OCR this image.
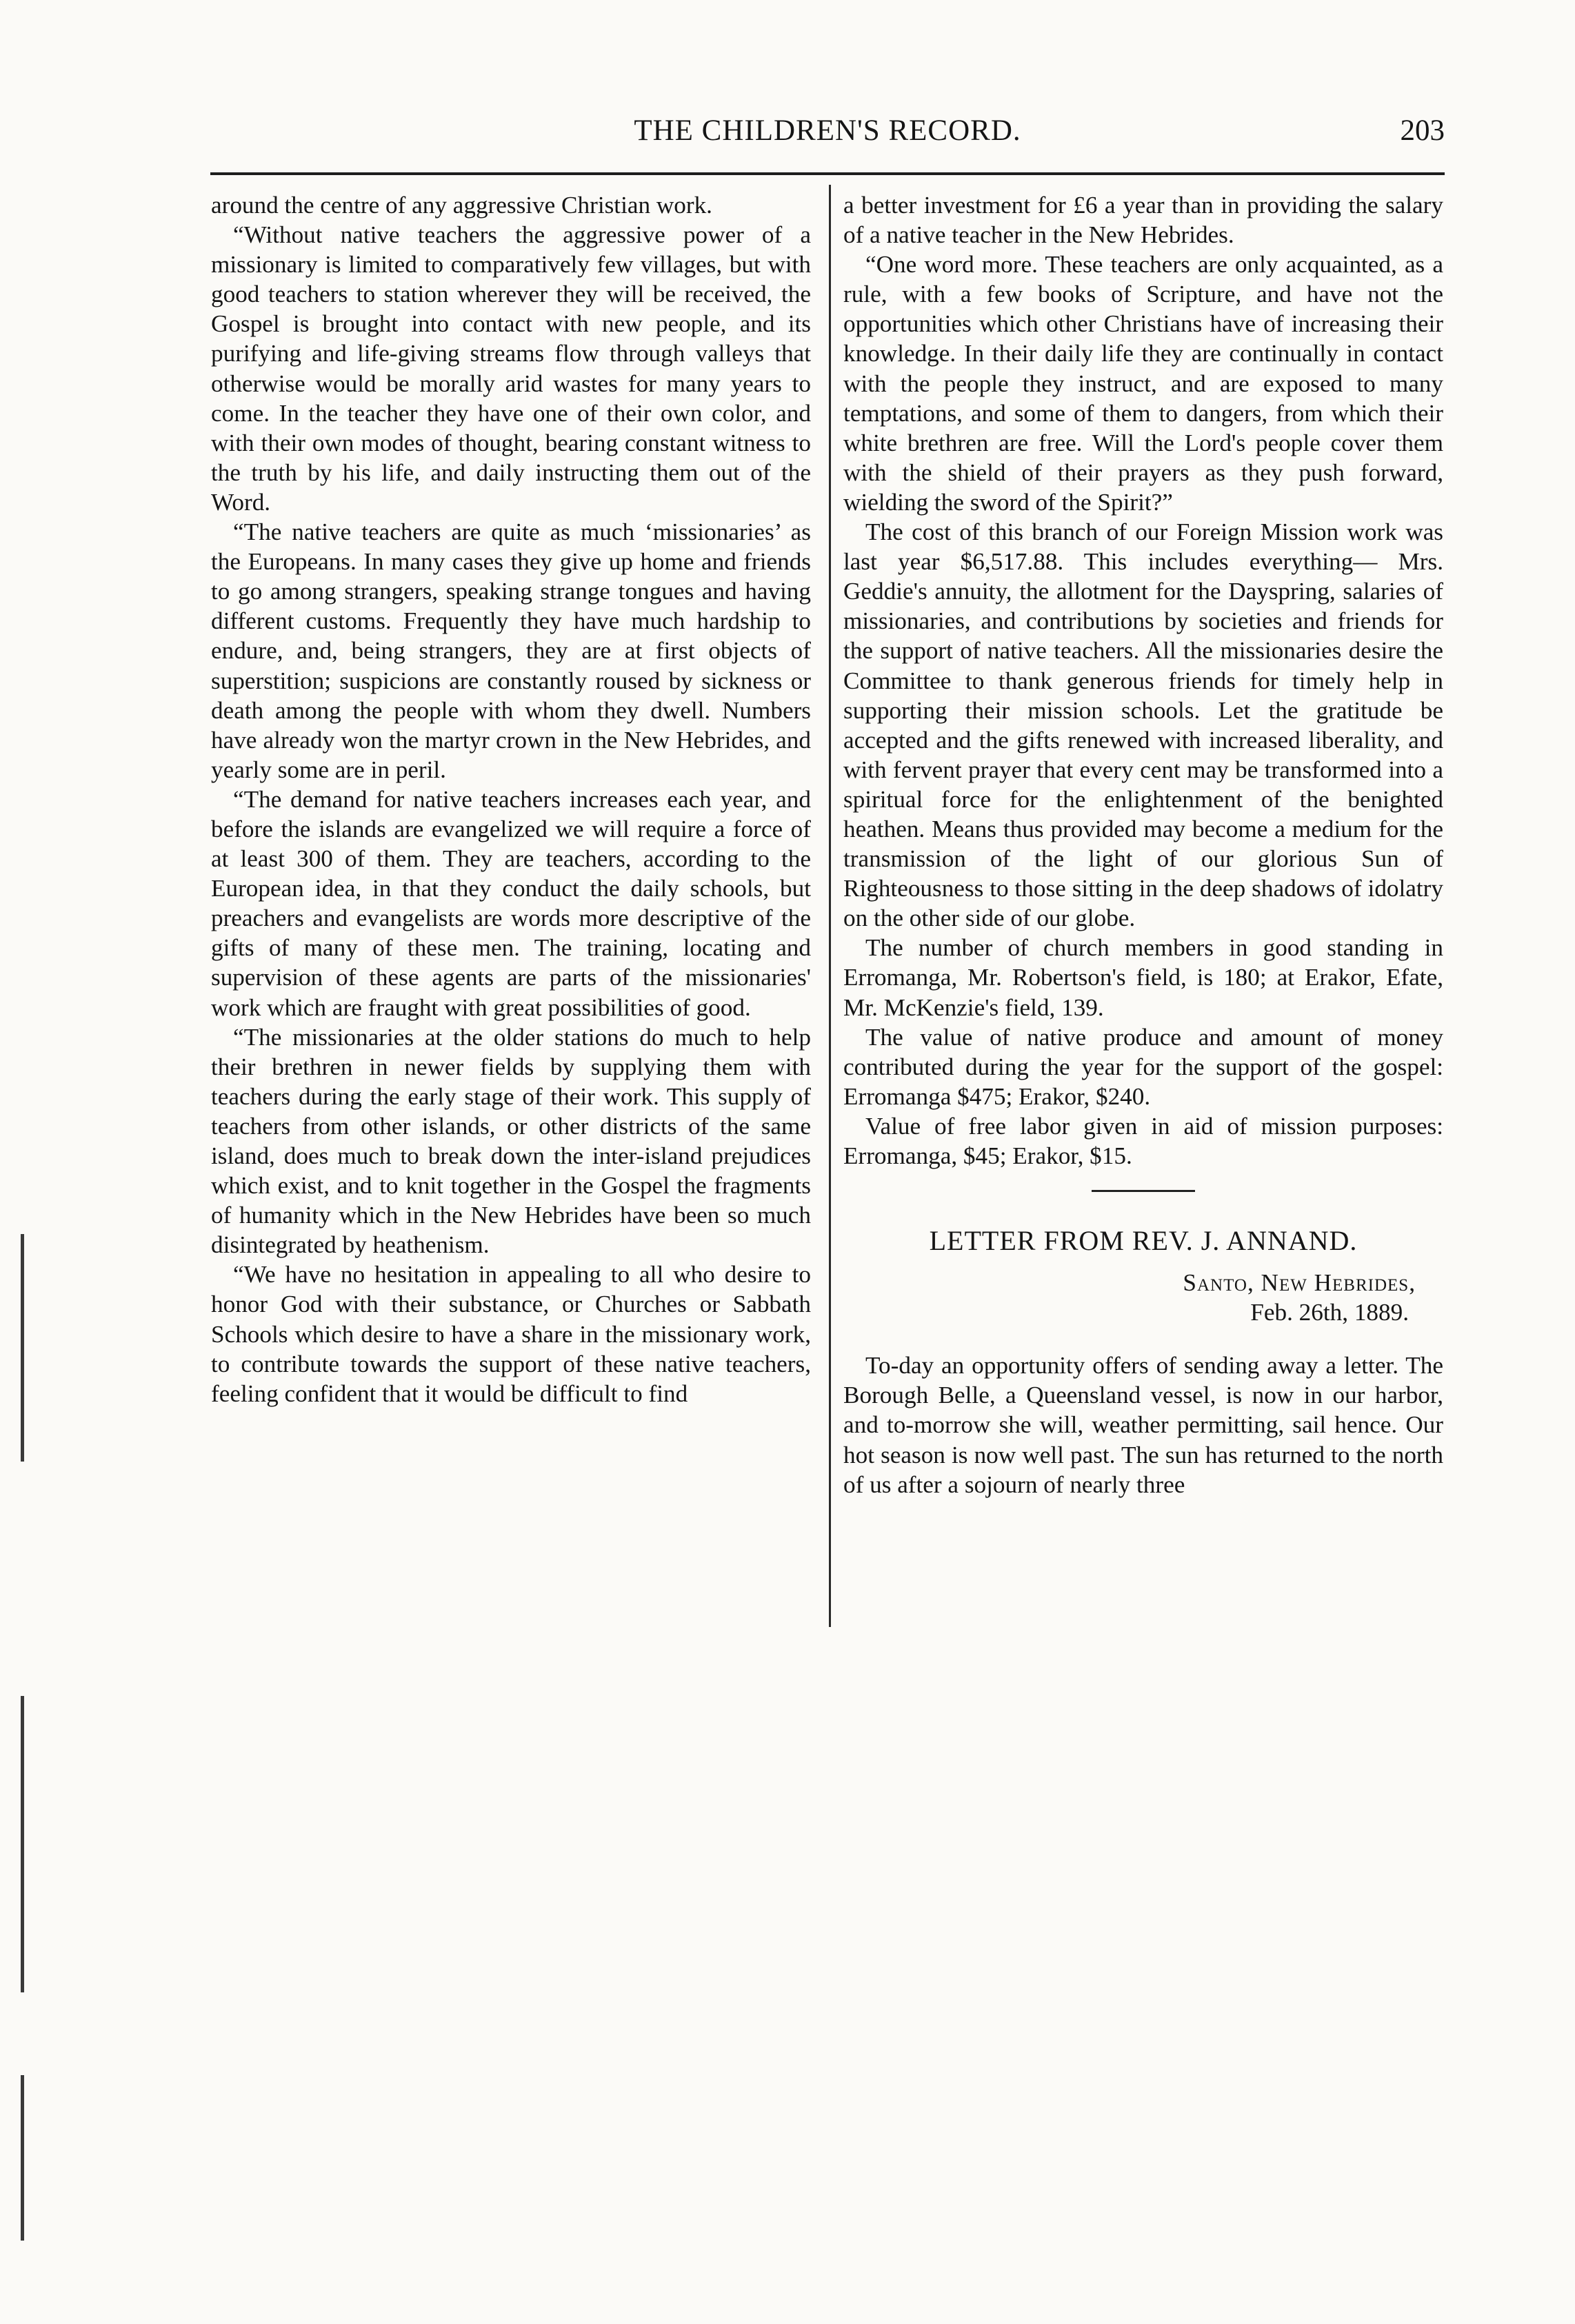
THE CHILDREN'S RECORD.	203

around the centre of any aggressive Christian work.

“Without native teachers the aggressive power of a missionary is limited to comparatively few villages, but with good teachers to station wherever they will be received, the Gospel is brought into contact with new people, and its purifying and life-giving streams flow through valleys that otherwise would be morally arid wastes for many years to come. In the teacher they have one of their own color, and with their own modes of thought, bearing constant witness to the truth by his life, and daily instructing them out of the Word.

“The native teachers are quite as much ‘missionaries’ as the Europeans. In many cases they give up home and friends to go among strangers, speaking strange tongues and having different customs. Frequently they have much hardship to endure, and, being strangers, they are at first objects of superstition; suspicions are constantly roused by sickness or death among the people with whom they dwell. Numbers have already won the martyr crown in the New Hebrides, and yearly some are in peril.

“The demand for native teachers increases each year, and before the islands are evangelized we will require a force of at least 300 of them. They are teachers, according to the European idea, in that they conduct the daily schools, but preachers and evangelists are words more descriptive of the gifts of many of these men. The training, locating and supervision of these agents are parts of the missionaries' work which are fraught with great possibilities of good.

“The missionaries at the older stations do much to help their brethren in newer fields by supplying them with teachers during the early stage of their work. This supply of teachers from other islands, or other districts of the same island, does much to break down the inter-island prejudices which exist, and to knit together in the Gospel the fragments of humanity which in the New Hebrides have been so much disintegrated by heathenism.

“We have no hesitation in appealing to all who desire to honor God with their substance, or Churches or Sabbath Schools which desire to have a share in the missionary work, to contribute towards the support of these native teachers, feeling confident that it would be difficult to find

a better investment for £6 a year than in providing the salary of a native teacher in the New Hebrides.

“One word more. These teachers are only acquainted, as a rule, with a few books of Scripture, and have not the opportunities which other Christians have of increasing their knowledge. In their daily life they are continually in contact with the people they instruct, and are exposed to many temptations, and some of them to dangers, from which their white brethren are free. Will the Lord's people cover them with the shield of their prayers as they push forward, wielding the sword of the Spirit?”

The cost of this branch of our Foreign Mission work was last year $6,517.88. This includes everything— Mrs. Geddie's annuity, the allotment for the Dayspring, salaries of missionaries, and contributions by societies and friends for the support of native teachers. All the missionaries desire the Committee to thank generous friends for timely help in supporting their mission schools. Let the gratitude be accepted and the gifts renewed with increased liberality, and with fervent prayer that every cent may be transformed into a spiritual force for the enlightenment of the benighted heathen. Means thus provided may become a medium for the transmission of the light of our glorious Sun of Righteousness to those sitting in the deep shadows of idolatry on the other side of our globe.

The number of church members in good standing in Erromanga, Mr. Robertson's field, is 180; at Erakor, Efate, Mr. McKenzie's field, 139.

The value of native produce and amount of money contributed during the year for the support of the gospel: Erromanga $475; Erakor, $240.

Value of free labor given in aid of mission purposes: Erromanga, $45; Erakor, $15.

LETTER FROM REV. J. ANNAND.
Santo, New Hebrides,
Feb. 26th, 1889.

To-day an opportunity offers of sending away a letter. The Borough Belle, a Queensland vessel, is now in our harbor, and to-morrow she will, weather permitting, sail hence. Our hot season is now well past. The sun has returned to the north of us after a sojourn of nearly three
